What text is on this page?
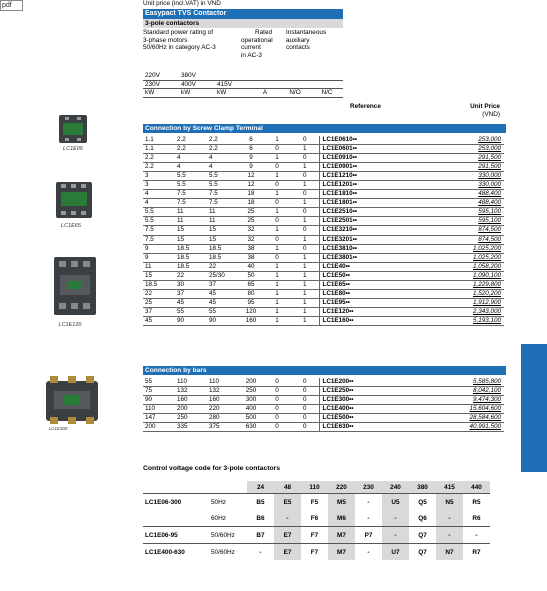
pdf	Unit price (incl.VAT) in VND
Easypact TVS Contactor
3-pole contactors
Standard power rating of
3-phase motors
50/60Hz in category AC-3
Rated
operational
current
in AC-3
Instantaneous
auxiliary
contacts
220V	380V				
230V	400V	415V			
kW	kW	kW	A	N/O	N/C
Reference	Unit Price
(VND)
Connection by Screw Clamp Terminal
1.1	2.2	2.2	6	1	0	LC1E0610••	253,000
1.1	2.2	2.2	6	0	1	LC1E0601••	253,000
2.2	4	4	9	1	0	LC1E0910••	291,500
2.2	4	4	9	0	1	LC1E0901••	291,500
3	5.5	5.5	12	1	0	LC1E1210••	330,000
3	5.5	5.5	12	0	1	LC1E1201••	330,000
4	7.5	7.5	18	1	0	LC1E1810••	488,400
4	7.5	7.5	18	0	1	LC1E1801••	488,400
5.5	11	11	25	1	0	LC1E2510••	595,100
5.5	11	11	25	0	1	LC1E2501••	595,100
7.5	15	15	32	1	0	LC1E3210••	874,500
7.5	15	15	32	0	1	LC1E3201••	874,500
9	18.5	18.5	38	1	0	LC1E3810••	1,025,200
9	18.5	18.5	38	0	1	LC1E3801••	1,025,200
11	18.5	22	40	1	1	LC1E40••	1,058,200
15	22	25/30	50	1	1	LC1E50••	1,090,100
18.5	30	37	65	1	1	LC1E65••	1,229,800
22	37	45	80	1	1	LC1E80••	1,520,200
25	45	45	95	1	1	LC1E95••	1,912,900
37	55	55	120	1	1	LC1E120••	2,343,000
45	90	90	160	1	1	LC1E160••	5,193,100
Connection by bars
55	110	110	200	0	0	LC1E200••	5,585,800
75	132	132	250	0	0	LC1E250••	8,042,100
90	160	160	300	0	0	LC1E300••	9,474,300
110	200	220	400	0	0	LC1E400••	15,604,600
147	250	280	500	0	0	LC1E500••	28,584,600
200	335	375	630	0	0	LC1E630••	40,991,500
LC1E06
LC1E65
LC1E120
LC1E300
Control voltage code for 3-pole contactors
		24	48	110	220	230	240	380	415	440
LC1E06-300	50Hz	B5	E5	F5	M5	-	U5	Q5	N5	R5
	60Hz	B6	-	F6	M6	-	-	Q6	-	R6
LC1E06-95	50/60Hz	B7	E7	F7	M7	P7	-	Q7	-	-
LC1E400-630	50/60Hz	-	E7	F7	M7	-	U7	Q7	N7	R7
